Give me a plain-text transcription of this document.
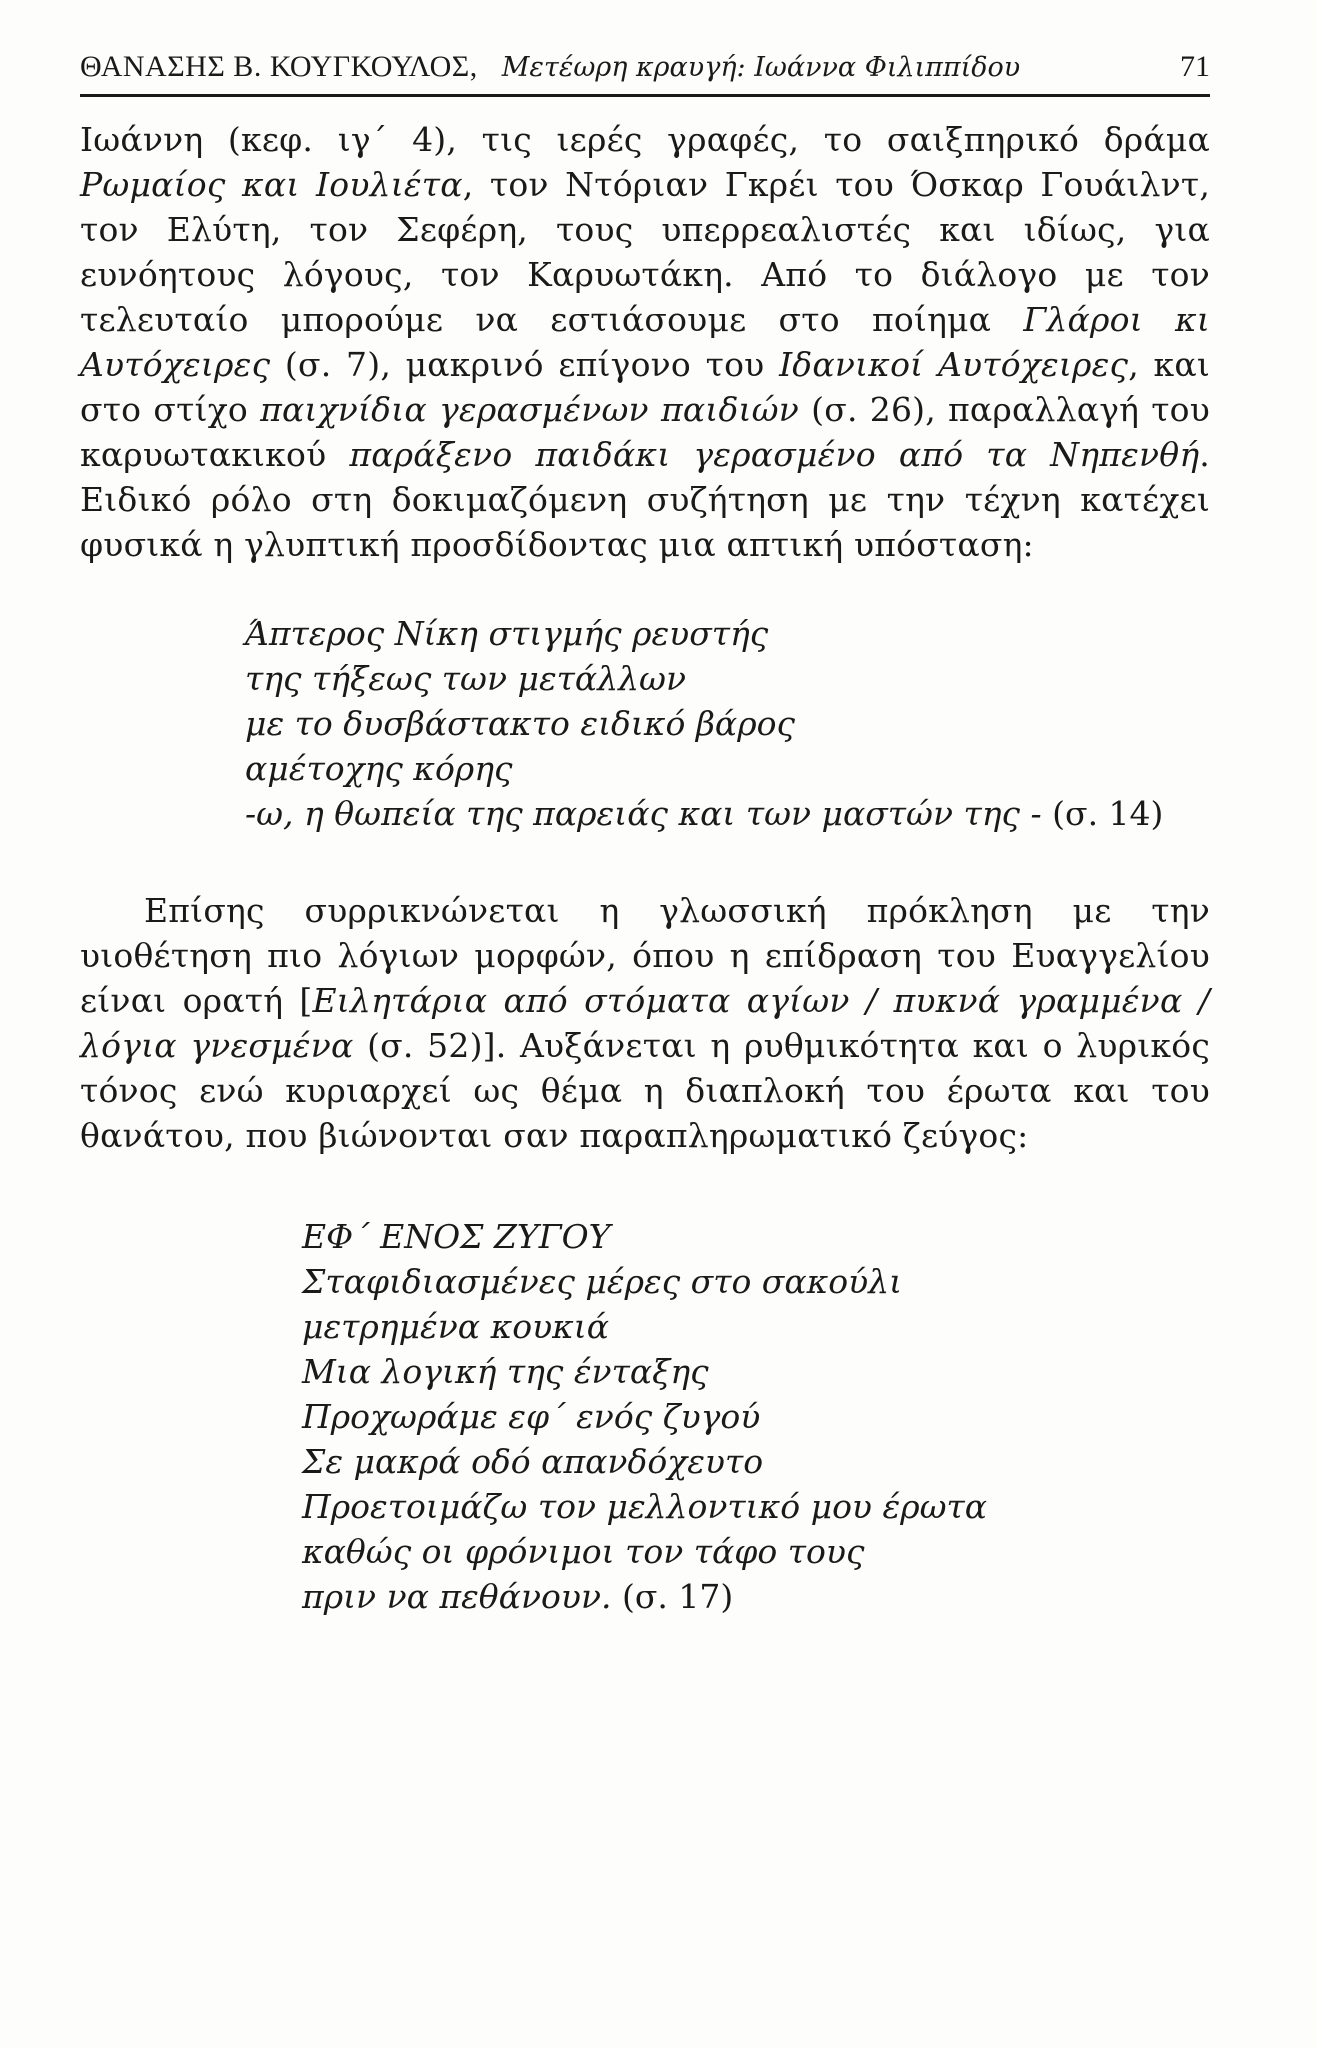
ΘΑΝΑΣΗΣ Β. ΚΟΥΓΚΟΥΛΟΣ, Μετέωρη κραυγή: Ιωάννα Φιλιππίδου	71

Ιωάννη (κεφ. ιγ΄ 4), τις ιερές γραφές, το σαιξπηρικό δράμα Ρωμαίος και Ιουλιέτα, τον Ντόριαν Γκρέι του Όσκαρ Γουάιλντ, τον Ελύτη, τον Σεφέρη, τους υπερρεαλιστές και ιδίως, για ευνόητους λόγους, τον Καρυωτάκη. Από το διάλογο με τον τελευταίο μπορούμε να εστιάσουμε στο ποίημα Γλάροι κι Αυτόχειρες (σ. 7), μακρινό επίγονο του Ιδανικοί Αυτόχειρες, και στο στίχο παιχνίδια γερασμένων παιδιών (σ. 26), παραλλαγή του καρυωτακικού παράξενο παιδάκι γερασμένο από τα Νηπενθή. Ειδικό ρόλο στη δοκιμαζόμενη συζήτηση με την τέχνη κατέχει φυσικά η γλυπτική προσδίδοντας μια απτική υπόσταση:

Άπτερος Νίκη στιγμής ρευστής
της τήξεως των μετάλλων
με το δυσβάστακτο ειδικό βάρος
αμέτοχης κόρης
-ω, η θωπεία της παρειάς και των μαστών της - (σ. 14)

Επίσης συρρικνώνεται η γλωσσική πρόκληση με την υιοθέτηση πιο λόγιων μορφών, όπου η επίδραση του Ευαγγελίου είναι ορατή [Ειλητάρια από στόματα αγίων / πυκνά γραμμένα / λόγια γνεσμένα (σ. 52)]. Αυξάνεται η ρυθμικότητα και ο λυρικός τόνος ενώ κυριαρχεί ως θέμα η διαπλοκή του έρωτα και του θανάτου, που βιώνονται σαν παραπληρωματικό ζεύγος:

ΕΦ΄ ΕΝΟΣ ΖΥΓΟΥ
Σταφιδιασμένες μέρες στο σακούλι
μετρημένα κουκιά
Μια λογική της ένταξης
Προχωράμε εφ΄ ενός ζυγού
Σε μακρά οδό απανδόχευτο
Προετοιμάζω τον μελλοντικό μου έρωτα
καθώς οι φρόνιμοι τον τάφο τους
πριν να πεθάνουν. (σ. 17)
